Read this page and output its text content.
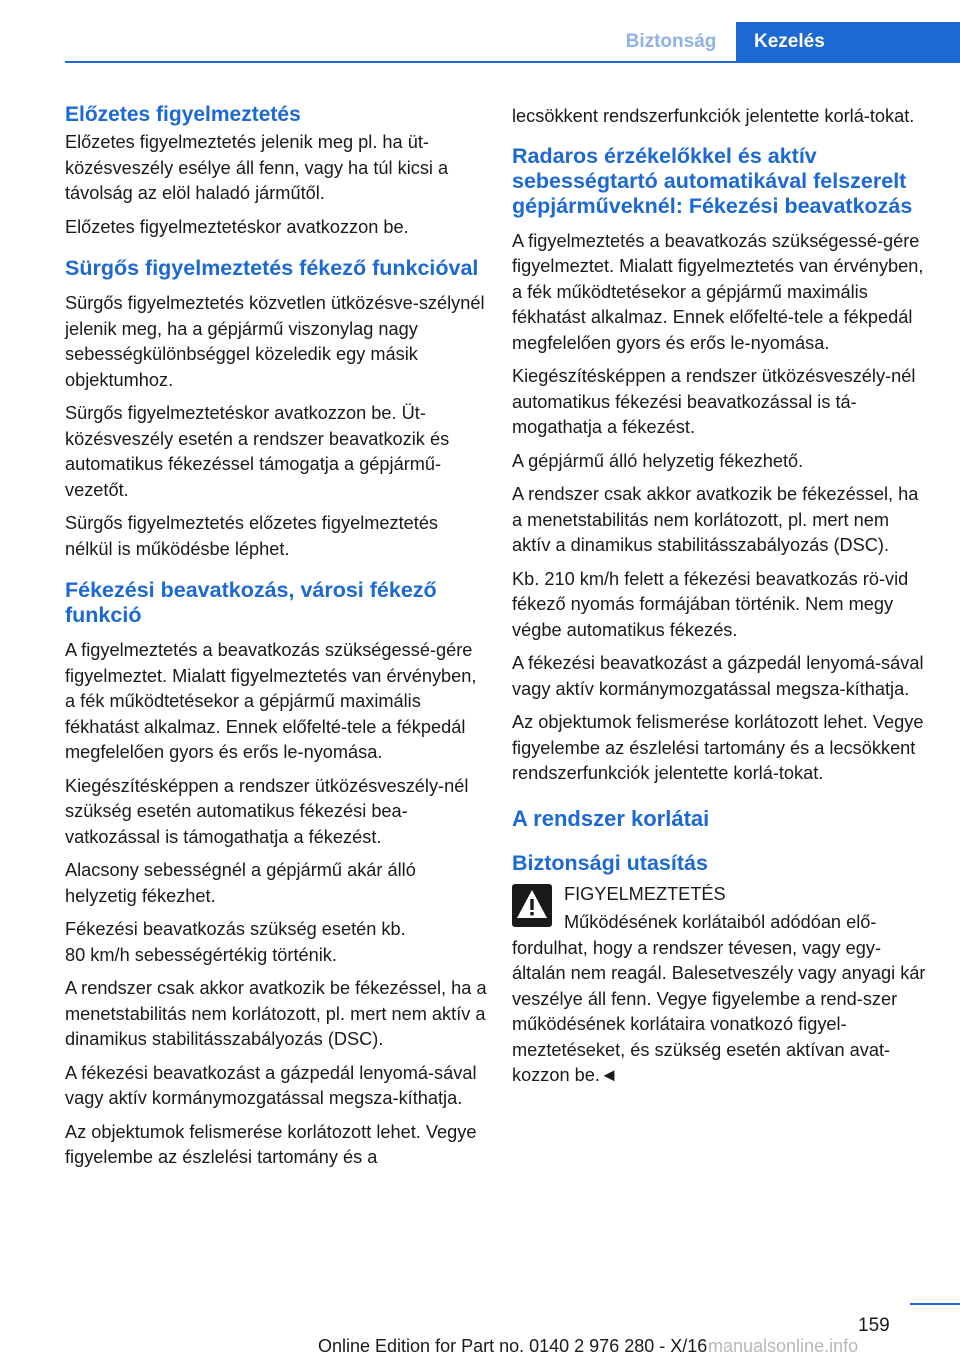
Biztonság	Kezelés
Előzetes figyelmeztetés

Előzetes figyelmeztetés jelenik meg pl. ha üt-közésveszély esélye áll fenn, vagy ha túl kicsi a távolság az elöl haladó járműtől.

Előzetes figyelmeztetéskor avatkozzon be.

Sürgős figyelmeztetés fékező funkcióval

Sürgős figyelmeztetés közvetlen ütközésve-szélynél jelenik meg, ha a gépjármű viszonylag nagy sebességkülönbséggel közeledik egy másik objektumhoz.

Sürgős figyelmeztetéskor avatkozzon be. Üt-közésveszély esetén a rendszer beavatkozik és automatikus fékezéssel támogatja a gépjármű-vezetőt.

Sürgős figyelmeztetés előzetes figyelmeztetés nélkül is működésbe léphet.

Fékezési beavatkozás, városi fékező funkció

A figyelmeztetés a beavatkozás szükségessé-gére figyelmeztet. Mialatt figyelmeztetés van érvényben, a fék működtetésekor a gépjármű maximális fékhatást alkalmaz. Ennek előfelté-tele a fékpedál megfelelően gyors és erős le-nyomása.

Kiegészítésképpen a rendszer ütközésveszély-nél szükség esetén automatikus fékezési bea-vatkozással is támogathatja a fékezést.

Alacsony sebességnél a gépjármű akár álló helyzetig fékezhet.

Fékezési beavatkozás szükség esetén kb.
80 km/h sebességértékig történik.

A rendszer csak akkor avatkozik be fékezéssel, ha a menetstabilitás nem korlátozott, pl. mert nem aktív a dinamikus stabilitásszabályozás (DSC).

A fékezési beavatkozást a gázpedál lenyomá-sával vagy aktív kormánymozgatással megsza-kíthatja.

Az objektumok felismerése korlátozott lehet. Vegye figyelembe az észlelési tartomány és a

lecsökkent rendszerfunkciók jelentette korlá-tokat.

Radaros érzékelőkkel és aktív sebességtartó automatikával felszerelt gépjárműveknél: Fékezési beavatkozás

A figyelmeztetés a beavatkozás szükségessé-gére figyelmeztet. Mialatt figyelmeztetés van érvényben, a fék működtetésekor a gépjármű maximális fékhatást alkalmaz. Ennek előfelté-tele a fékpedál megfelelően gyors és erős le-nyomása.

Kiegészítésképpen a rendszer ütközésveszély-nél automatikus fékezési beavatkozással is tá-mogathatja a fékezést.

A gépjármű álló helyzetig fékezhető.

A rendszer csak akkor avatkozik be fékezéssel, ha a menetstabilitás nem korlátozott, pl. mert nem aktív a dinamikus stabilitásszabályozás (DSC).

Kb. 210 km/h felett a fékezési beavatkozás rö-vid fékező nyomás formájában történik. Nem megy végbe automatikus fékezés.

A fékezési beavatkozást a gázpedál lenyomá-sával vagy aktív kormánymozgatással megsza-kíthatja.

Az objektumok felismerése korlátozott lehet. Vegye figyelembe az észlelési tartomány és a lecsökkent rendszerfunkciók jelentette korlá-tokat.

A rendszer korlátai
Biztonsági utasítás

FIGYELMEZTETÉS

Működésének korlátaiból adódóan elő-

fordulhat, hogy a rendszer tévesen, vagy egy-általán nem reagál. Balesetveszély vagy anyagi kár veszélye áll fenn. Vegye figyelembe a rend-szer működésének korlátaira vonatkozó figyel-meztetéseket, és szükség esetén aktívan avat-kozzon be.◄

159
Online Edition for Part no. 0140 2 976 280 - X/16 manualsonline.info
